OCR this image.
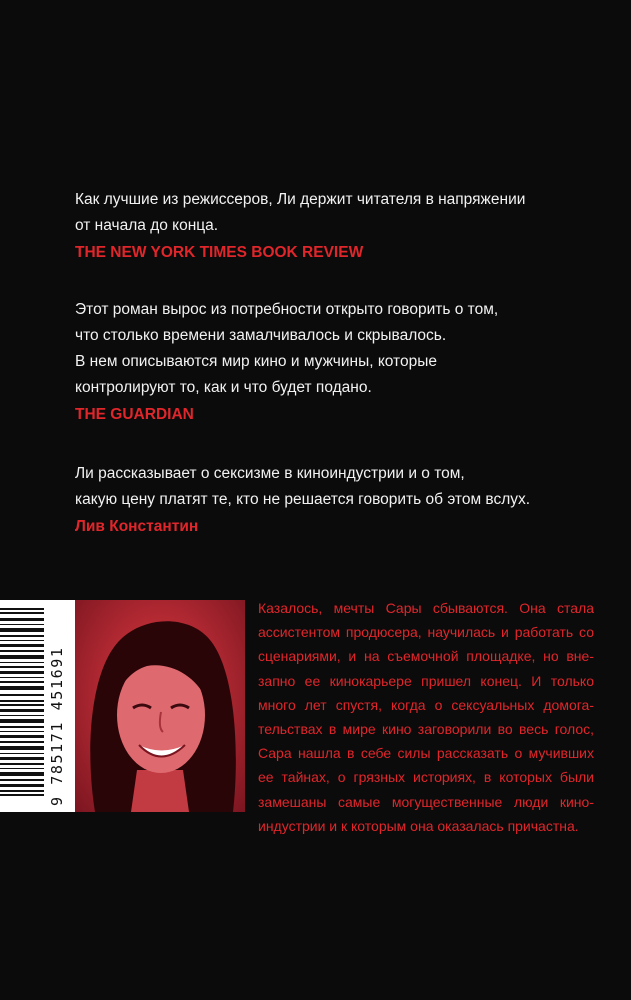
Как лучшие из режиссеров, Ли держит читателя в напряжении
от начала до конца.
THE NEW YORK TIMES BOOK REVIEW
Этот роман вырос из потребности открыто говорить о том,
что столько времени замалчивалось и скрывалось.
В нем описываются мир кино и мужчины, которые
контролируют то, как и что будет подано.
THE GUARDIAN
Ли рассказывает о сексизме в киноиндустрии и о том,
какую цену платят те, кто не решается говорить об этом вслух.
Лив Константин
9 785171 451691
Казалось, мечты Сары сбываются. Она стала
ассистентом продюсера, научилась и работать со
сценариями, и на съемочной площадке, но вне-
запно ее кинокарьере пришел конец. И только
много лет спустя, когда о сексуальных домога-
тельствах в мире кино заговорили во весь голос,
Сара нашла в себе силы рассказать о мучивших
ее тайнах, о грязных историях, в которых были
замешаны самые могущественные люди кино-
индустрии и к которым она оказалась причастна.
